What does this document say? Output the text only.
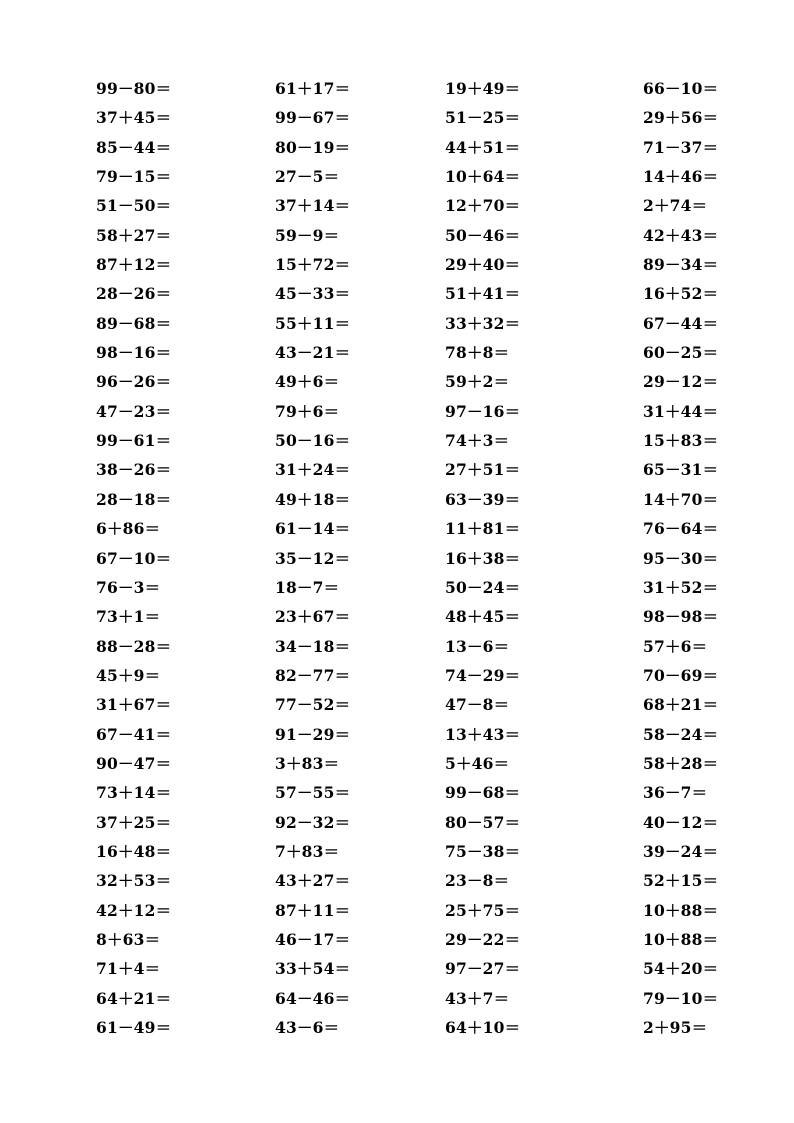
99－80＝
37＋45＝
85－44＝
79－15＝
51－50＝
58＋27＝
87＋12＝
28－26＝
89－68＝
98－16＝
96－26＝
47－23＝
99－61＝
38－26＝
28－18＝
6＋86＝
67－10＝
76－3＝
73＋1＝
88－28＝
45＋9＝
31＋67＝
67－41＝
90－47＝
73＋14＝
37＋25＝
16＋48＝
32＋53＝
42＋12＝
8＋63＝
71＋4＝
64＋21＝
61－49＝
61＋17＝
99－67＝
80－19＝
27－5＝
37＋14＝
59－9＝
15＋72＝
45－33＝
55＋11＝
43－21＝
49＋6＝
79＋6＝
50－16＝
31＋24＝
49＋18＝
61－14＝
35－12＝
18－7＝
23＋67＝
34－18＝
82－77＝
77－52＝
91－29＝
3＋83＝
57－55＝
92－32＝
7＋83＝
43＋27＝
87＋11＝
46－17＝
33＋54＝
64－46＝
43－6＝
19＋49＝
51－25＝
44＋51＝
10＋64＝
12＋70＝
50－46＝
29＋40＝
51＋41＝
33＋32＝
78＋8＝
59＋2＝
97－16＝
74＋3＝
27＋51＝
63－39＝
11＋81＝
16＋38＝
50－24＝
48＋45＝
13－6＝
74－29＝
47－8＝
13＋43＝
5＋46＝
99－68＝
80－57＝
75－38＝
23－8＝
25＋75＝
29－22＝
97－27＝
43＋7＝
64＋10＝
66－10＝
29＋56＝
71－37＝
14＋46＝
2＋74＝
42＋43＝
89－34＝
16＋52＝
67－44＝
60－25＝
29－12＝
31＋44＝
15＋83＝
65－31＝
14＋70＝
76－64＝
95－30＝
31＋52＝
98－98＝
57＋6＝
70－69＝
68＋21＝
58－24＝
58＋28＝
36－7＝
40－12＝
39－24＝
52＋15＝
10＋88＝
10＋88＝
54＋20＝
79－10＝
2＋95＝
